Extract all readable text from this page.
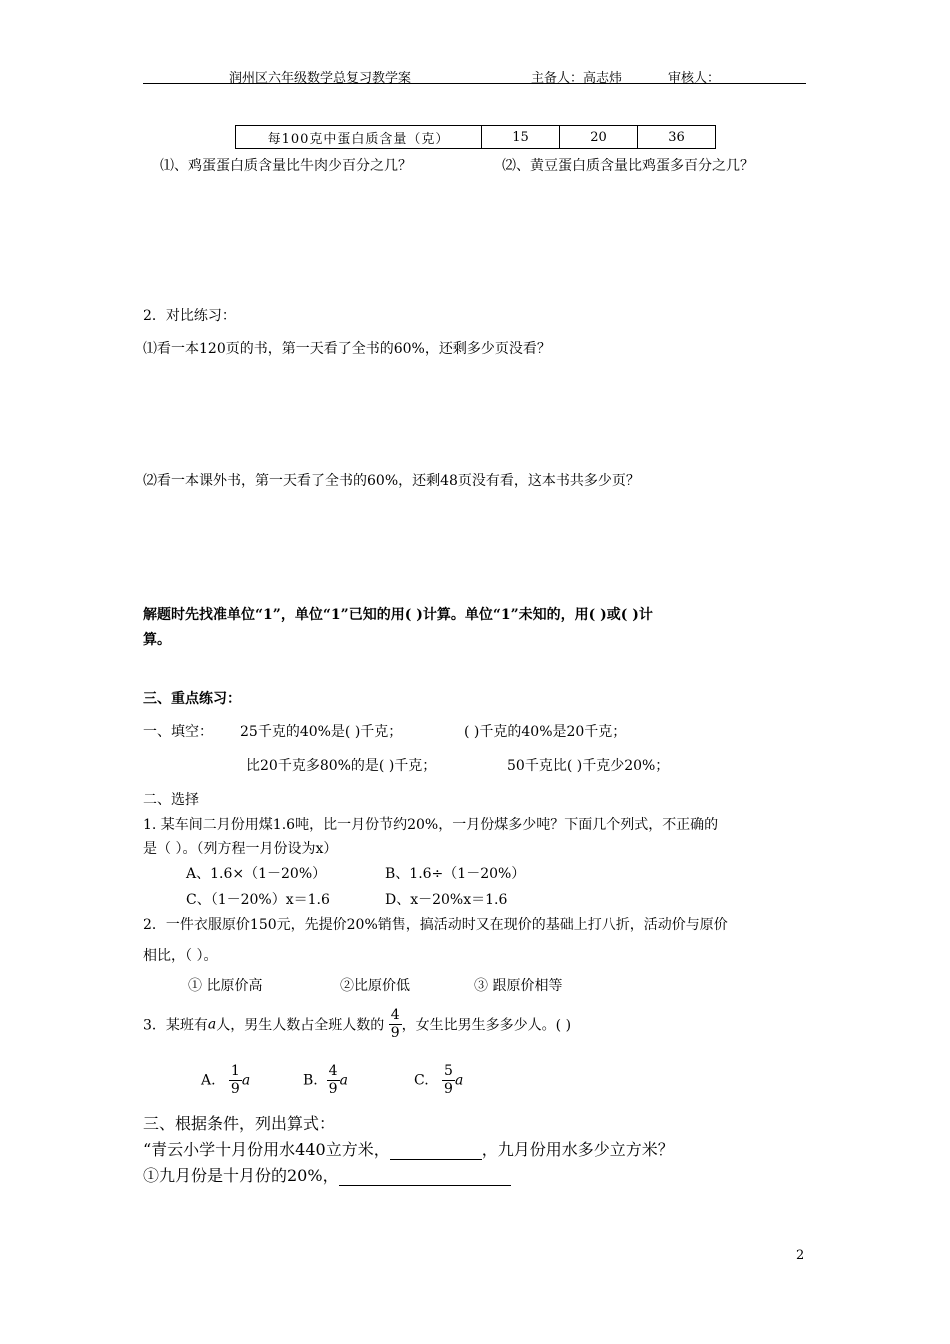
润州区六年级数学总复习教学案	主备人：高志炜	审核人：
每100克中蛋白质含量（克）	15	20	36
⑴、鸡蛋蛋白质含量比牛肉少百分之几？	⑵、黄豆蛋白质含量比鸡蛋多百分之几？
2．对比练习：
⑴看一本120页的书，第一天看了全书的60%，还剩多少页没看？
⑵看一本课外书，第一天看了全书的60%，还剩48页没有看，这本书共多少页？
解题时先找准单位“1”，单位“1”已知的用( )计算。单位“1”未知的，用( )或( )计
算。
三、重点练习：
一、填空： 25千克的40%是( )千克；	( )千克的40%是20千克；
比20千克多80%的是( )千克；	50千克比( )千克少20%；
二、选择
1. 某车间二月份用煤1.6吨，比一月份节约20%，一月份煤多少吨？下面几个列式，不正确的
是（ ）。（列方程一月份设为x）
A、1.6×（1－20%）	B、1.6÷（1－20%）
C、（1－20%）x＝1.6	D、x－20%x＝1.6
2．一件衣服原价150元，先提价20%销售，搞活动时又在现价的基础上打八折，活动价与原价
相比，（ ）。
① 比原价高	②比原价低	③ 跟原价相等
3．某班有a人，男生人数占全班人数的 $\frac{4}{9}$ ，女生比男生多多少人。( )
A. $\frac{1}{9}$ a	B. $\frac{4}{9}$ a	C. $\frac{5}{9}$ a
三、根据条件，列出算式：
“青云小学十月份用水440立方米，	，九月份用水多少立方米？
①九月份是十月份的20%，
2
